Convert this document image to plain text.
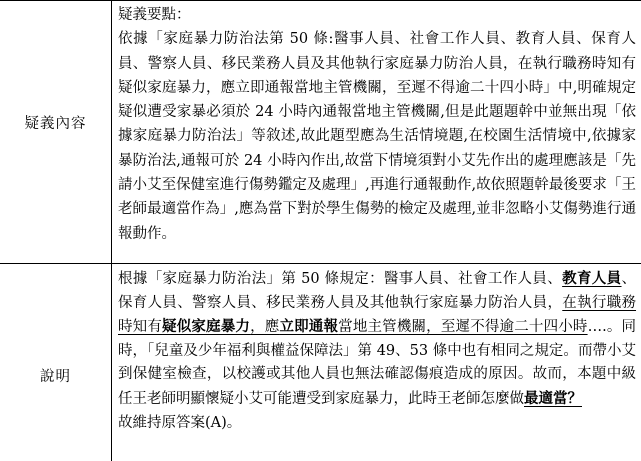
疑義內容

疑義要點：

依據「家庭暴力防治法第 50 條:醫事人員、社會工作人員、教育人員、保育人員、警察人員、移民業務人員及其他執行家庭暴力防治人員，在執行職務時知有疑似家庭暴力，應立即通報當地主管機關，至遲不得逾二十四小時」中,明確規定疑似遭受家暴必須於 24 小時內通報當地主管機關,但是此題題幹中並無出現「依據家庭暴力防治法」等敘述,故此題型應為生活情境題,在校園生活情境中,依據家暴防治法,通報可於 24 小時內作出,故當下情境須對小艾先作出的處理應該是「先請小艾至保健室進行傷勢鑑定及處理」,再進行通報動作,故依照題幹最後要求「王老師最適當作為」,應為當下對於學生傷勢的檢定及處理,並非忽略小艾傷勢進行通報動作。

說明

根據「家庭暴力防治法」第 50 條規定：醫事人員、社會工作人員、教育人員、保育人員、警察人員、移民業務人員及其他執行家庭暴力防治人員，在執行職務時知有疑似家庭暴力，應立即通報當地主管機關，至遲不得逾二十四小時….。同時，「兒童及少年福利與權益保障法」第 49、53 條中也有相同之規定。而帶小艾到保健室檢查，以校護或其他人員也無法確認傷痕造成的原因。故而，本題中級任王老師明顯懷疑小艾可能遭受到家庭暴力，此時王老師怎麼做最適當？

故維持原答案(A)。
